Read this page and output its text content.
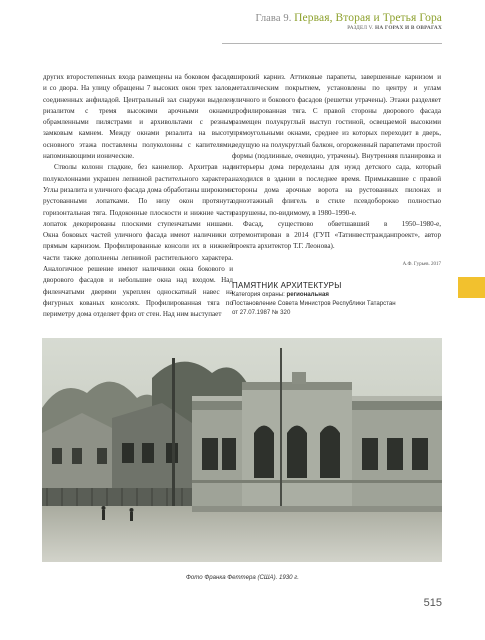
Глава 9. Первая, Вторая и Третья Гора
РАЗДЕЛ V. НА ГОРАХ И В ОВРАГАХ

других второстепенных входа размещены на боковом фасаде и со двора. На улицу обращены 7 высоких окон трех залов, соединенных анфиладой. Центральный зал снаружи выделен ризалитом с тремя высокими арочными окнами, обрамленными пилястрами и архивольтами с резным замковым камнем. Между окнами ризалита на высоту основного этажа поставлены полуколонны с капителями, напоминающими ионические.

Стволы колонн гладкие, без каннелюр. Архитрав над полуколоннами украшен лепниной растительного характера. Углы ризалита и уличного фасада дома обработаны широкими рустованными лопатками. По низу окон протянута горизонтальная тяга. Подоконные плоскости и нижние части лопаток декорированы плоскими ступенчатыми нишами. Окна боковых частей уличного фасада имеют наличники с прямым карнизом. Профилированные консоли их в нижней части также дополнены лепниной растительного характера. Аналогичное решение имеют наличники окна бокового и дворового фасадов и небольшие окна над входом. Над филенчатыми дверями укреплен односкатный навес на фигурных кованых консолях. Профилированная тяга по периметру дома отделяет фриз от стен. Над ним выступает

широкий карниз. Аттиковые парапеты, завершенные карнизом и металлическим покрытием, установлены по центру и углам уличного и бокового фасадов (решетки утрачены). Этажи разделяет профилированная тяга. С правой стороны дворового фасада размещен полукруглый выступ гостиной, освещаемой высокими прямоугольными окнами, среднее из которых переходит в дверь, ведущую на полукруглый балкон, огороженный парапетами простой формы (подлинные, очевидно, утрачены). Внутренняя планировка и интерьеры дома переделаны для нужд детского сада, который находился в здании в последнее время. Примыкавшие с правой стороны дома арочные ворота на рустованных пилонах и одноэтажный флигель в стиле псевдоборокко полностью разрушены, по-видимому, в 1980–1990-е.

Фасад, существово обветшавший в 1950–1980-е, отремонтирован в 2014 (ГУП «Татинвестгражданпроект», автор проекта архитектор Т.Г. Леонова).

А.Ф. Гурьев. 2017
ПАМЯТНИК АРХИТЕКТУРЫ
Категория охраны: региональная
Постановление Совета Министров Республики Татарстан
от 27.07.1987 № 320
Фото Франка Феттера (США). 1930 г.
515
